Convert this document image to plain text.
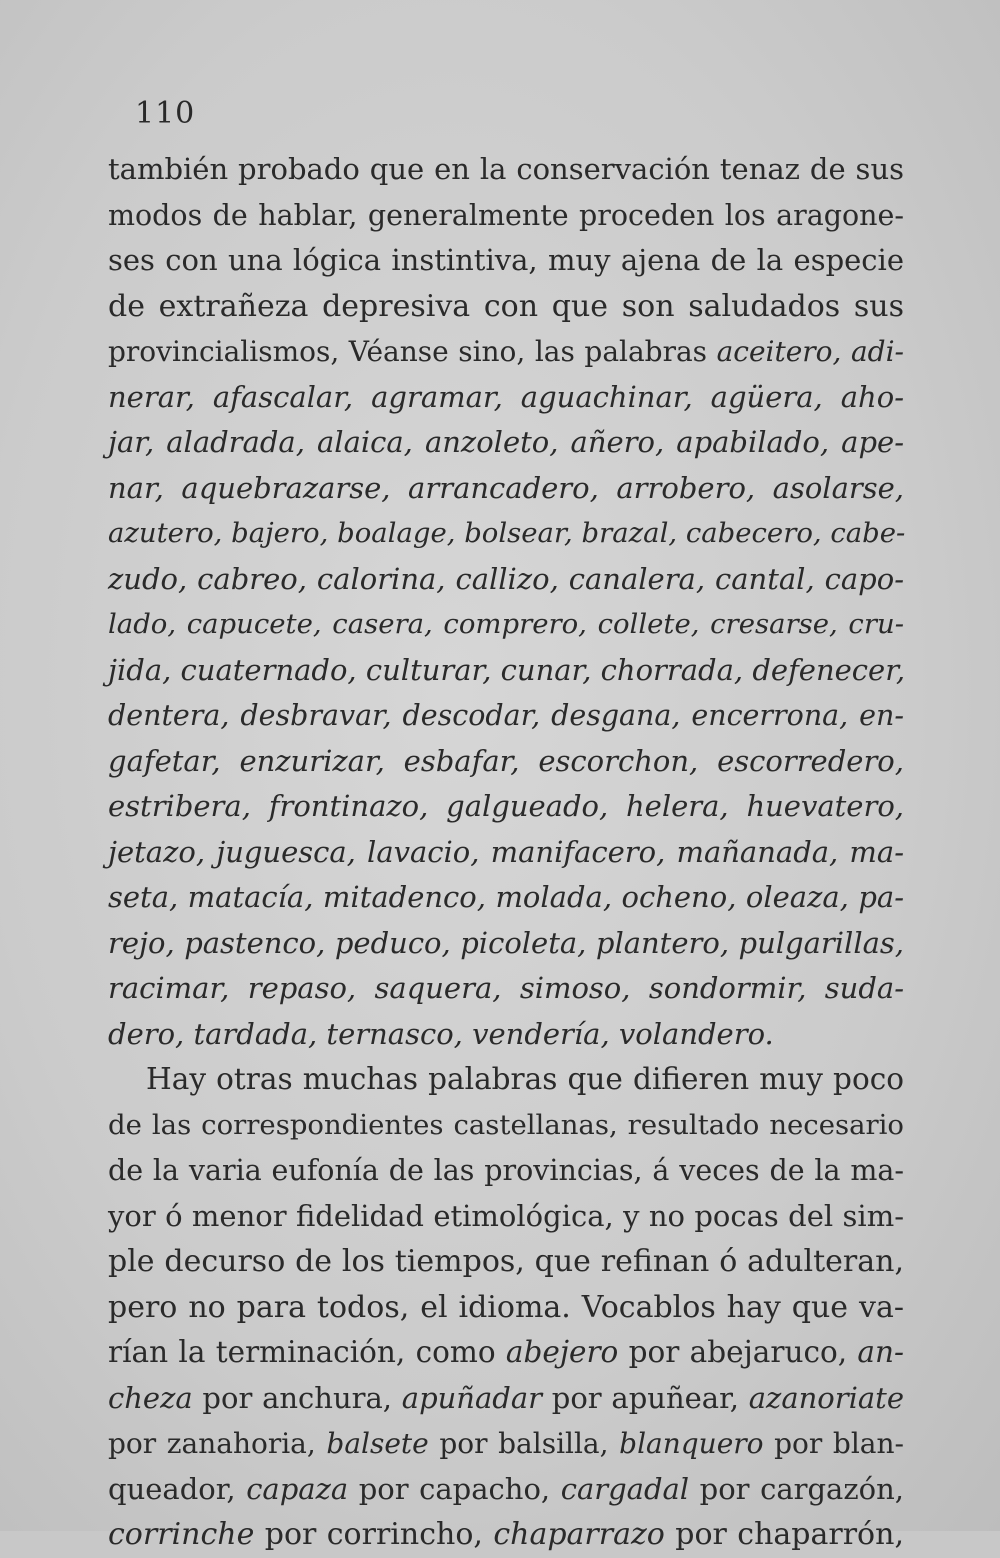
110
también probado que en la conservación tenaz de sus
modos de hablar, generalmente proceden los aragone-
ses con una lógica instintiva, muy ajena de la especie
de extrañeza depresiva con que son saludados sus
provincialismos, Véanse sino, las palabras aceitero, adi-
nerar, afascalar, agramar, aguachinar, agüera, aho-
jar, aladrada, alaica, anzoleto, añero, apabilado, ape-
nar, aquebrazarse, arrancadero, arrobero, asolarse,
azutero, bajero, boalage, bolsear, brazal, cabecero, cabe-
zudo, cabreo, calorina, callizo, canalera, cantal, capo-
lado, capucete, casera, comprero, collete, cresarse, cru-
jida, cuaternado, culturar, cunar, chorrada, defenecer,
dentera, desbravar, descodar, desgana, encerrona, en-
gafetar, enzurizar, esbafar, escorchon, escorredero,
estribera, frontinazo, galgueado, helera, huevatero,
jetazo, juguesca, lavacio, manifacero, mañanada, ma-
seta, matacía, mitadenco, molada, ocheno, oleaza, pa-
rejo, pastenco, peduco, picoleta, plantero, pulgarillas,
racimar, repaso, saquera, simoso, sondormir, suda-
dero, tardada, ternasco, vendería, volandero.
Hay otras muchas palabras que difieren muy poco
de las correspondientes castellanas, resultado necesario
de la varia eufonía de las provincias, á veces de la ma-
yor ó menor fidelidad etimológica, y no pocas del sim-
ple decurso de los tiempos, que refinan ó adulteran,
pero no para todos, el idioma. Vocablos hay que va-
rían la terminación, como abejero por abejaruco, an-
cheza por anchura, apuñadar por apuñear, azanoriate
por zanahoria, balsete por balsilla, blanquero por blan-
queador, capaza por capacho, cargadal por cargazón,
corrinche por corrincho, chaparrazo por chaparrón,
